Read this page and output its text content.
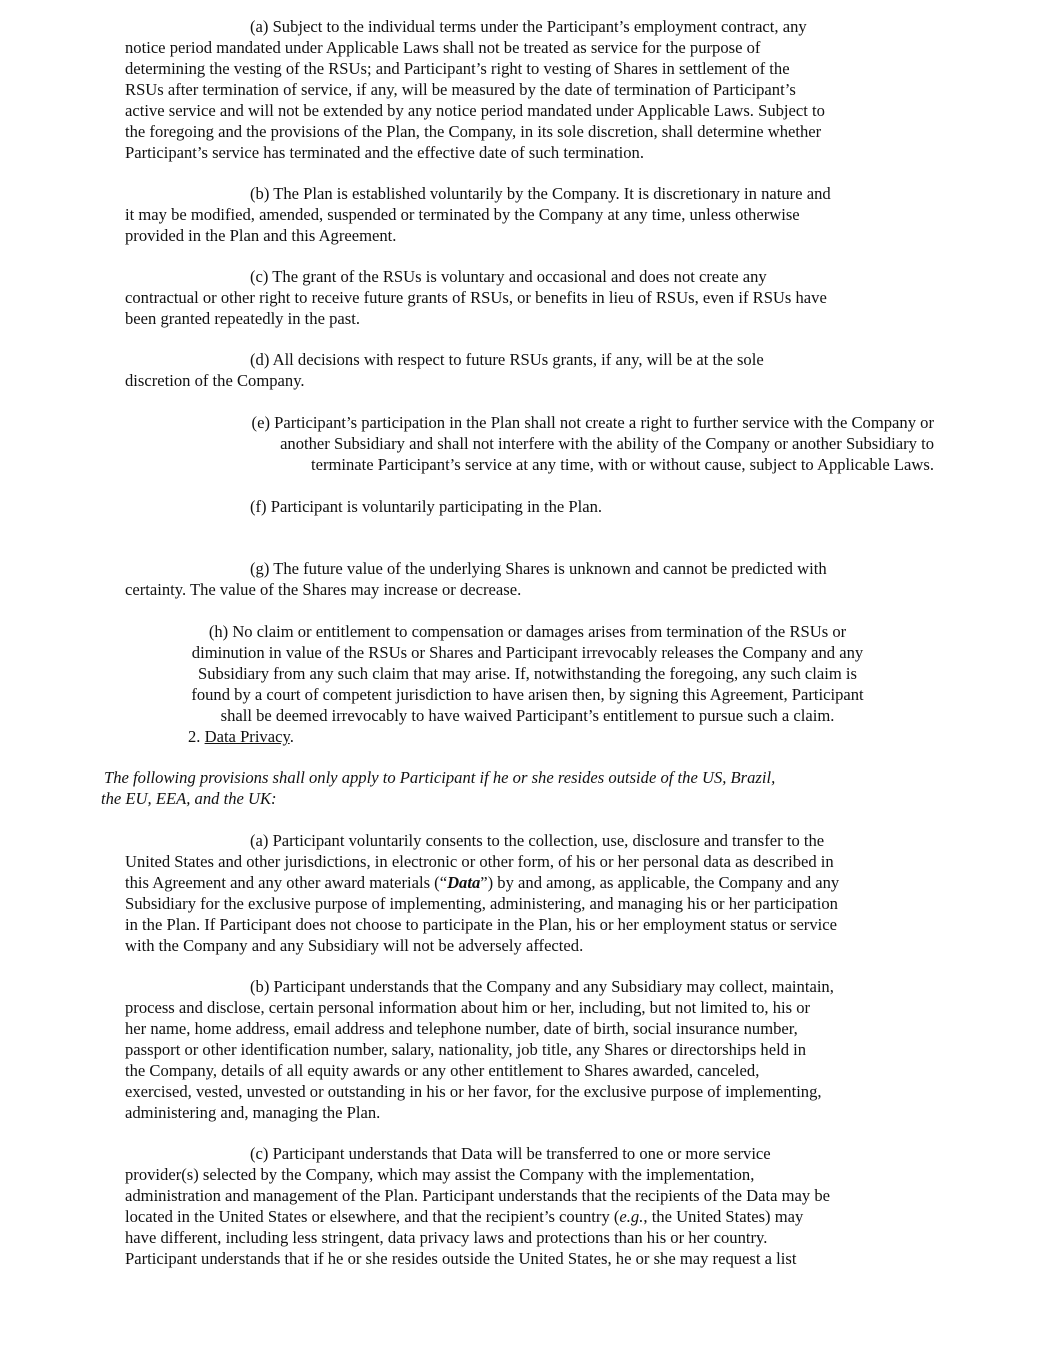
(a) Subject to the individual terms under the Participant’s employment contract, any

notice period mandated under Applicable Laws shall not be treated as service for the purpose of

determining the vesting of the RSUs; and Participant’s right to vesting of Shares in settlement of the

RSUs after termination of service, if any, will be measured by the date of termination of Participant’s

active service and will not be extended by any notice period mandated under Applicable Laws. Subject to

the foregoing and the provisions of the Plan, the Company, in its sole discretion, shall determine whether

Participant’s service has terminated and the effective date of such termination.

(b) The Plan is established voluntarily by the Company. It is discretionary in nature and

it may be modified, amended, suspended or terminated by the Company at any time, unless otherwise

provided in the Plan and this Agreement.

(c) The grant of the RSUs is voluntary and occasional and does not create any

contractual or other right to receive future grants of RSUs, or benefits in lieu of RSUs, even if RSUs have

been granted repeatedly in the past.

(d) All decisions with respect to future RSUs grants, if any, will be at the sole

discretion of the Company.

(e) Participant’s participation in the Plan shall not create a right to further service with the Company or

another Subsidiary and shall not interfere with the ability of the Company or another Subsidiary to

terminate Participant’s service at any time, with or without cause, subject to Applicable Laws.

(f) Participant is voluntarily participating in the Plan.

(g) The future value of the underlying Shares is unknown and cannot be predicted with

certainty. The value of the Shares may increase or decrease.

(h) No claim or entitlement to compensation or damages arises from termination of the RSUs or

diminution in value of the RSUs or Shares and Participant irrevocably releases the Company and any

Subsidiary from any such claim that may arise. If, notwithstanding the foregoing, any such claim is

found by a court of competent jurisdiction to have arisen then, by signing this Agreement, Participant

shall be deemed irrevocably to have waived Participant’s entitlement to pursue such a claim.

2. Data Privacy.

The following provisions shall only apply to Participant if he or she resides outside of the US, Brazil,

the EU, EEA, and the UK:

(a) Participant voluntarily consents to the collection, use, disclosure and transfer to the

United States and other jurisdictions, in electronic or other form, of his or her personal data as described in

this Agreement and any other award materials (“Data”) by and among, as applicable, the Company and any

Subsidiary for the exclusive purpose of implementing, administering, and managing his or her participation

in the Plan. If Participant does not choose to participate in the Plan, his or her employment status or service

with the Company and any Subsidiary will not be adversely affected.

(b) Participant understands that the Company and any Subsidiary may collect, maintain,

process and disclose, certain personal information about him or her, including, but not limited to, his or

her name, home address, email address and telephone number, date of birth, social insurance number,

passport or other identification number, salary, nationality, job title, any Shares or directorships held in

the Company, details of all equity awards or any other entitlement to Shares awarded, canceled,

exercised, vested, unvested or outstanding in his or her favor, for the exclusive purpose of implementing,

administering and, managing the Plan.

(c) Participant understands that Data will be transferred to one or more service

provider(s) selected by the Company, which may assist the Company with the implementation,

administration and management of the Plan. Participant understands that the recipients of the Data may be

located in the United States or elsewhere, and that the recipient’s country (e.g., the United States) may

have different, including less stringent, data privacy laws and protections than his or her country.

Participant understands that if he or she resides outside the United States, he or she may request a list
